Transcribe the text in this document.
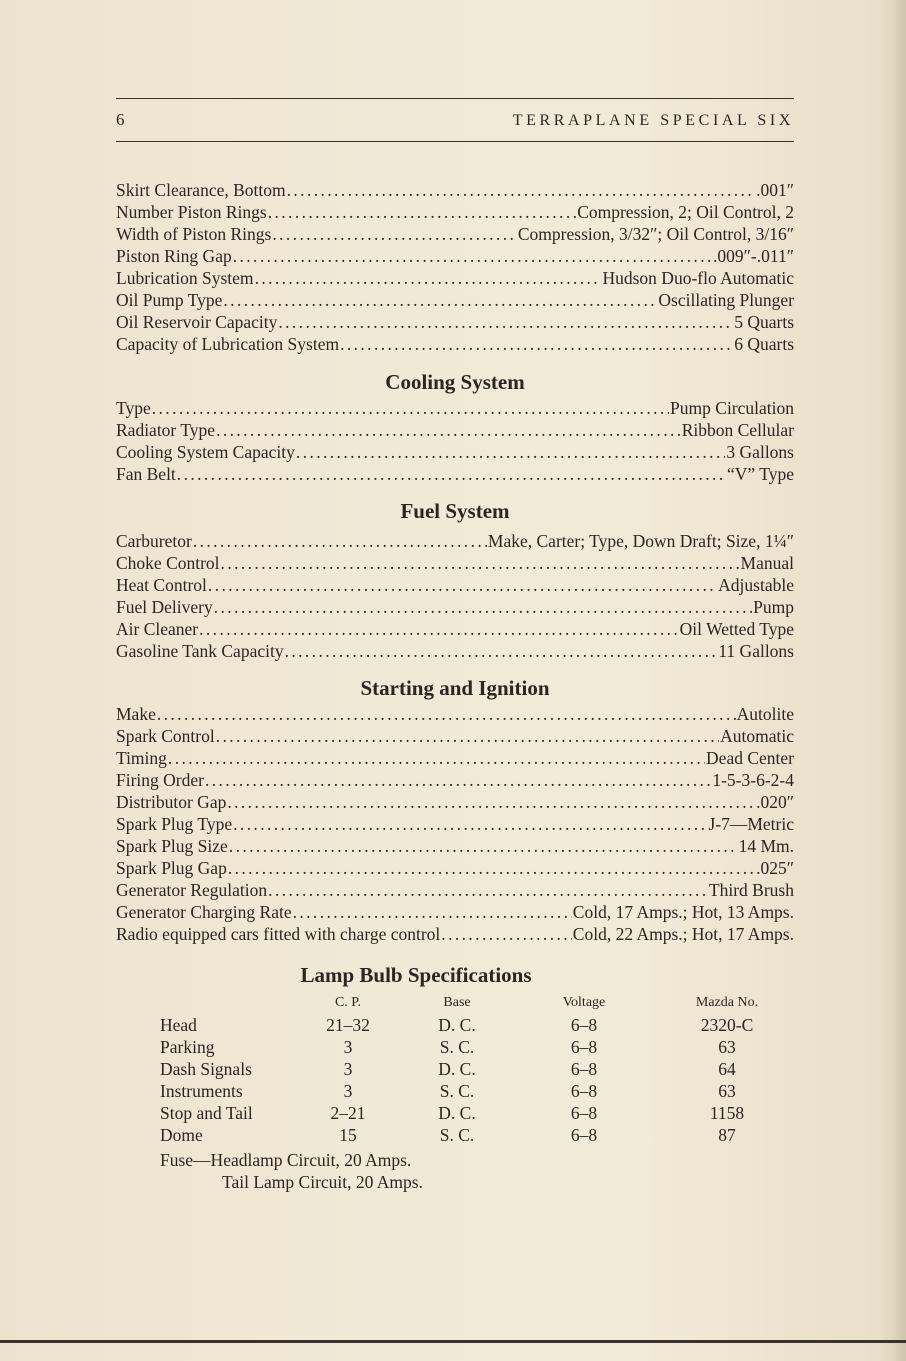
6	TERRAPLANE SPECIAL SIX
Skirt Clearance, Bottom .....	.001″
Number Piston Rings .....	Compression, 2; Oil Control, 2
Width of Piston Rings .....	Compression, 3/32″; Oil Control, 3/16″
Piston Ring Gap .....	.009″-.011″
Lubrication System .....	Hudson Duo-flo Automatic
Oil Pump Type .....	Oscillating Plunger
Oil Reservoir Capacity .....	5 Quarts
Capacity of Lubrication System .....	6 Quarts
Cooling System
Type .....	Pump Circulation
Radiator Type .....	Ribbon Cellular
Cooling System Capacity .....	3 Gallons
Fan Belt .....	“V” Type
Fuel System
Carburetor .....	Make, Carter; Type, Down Draft; Size, 1¼″
Choke Control .....	Manual
Heat Control .....	Adjustable
Fuel Delivery .....	Pump
Air Cleaner .....	Oil Wetted Type
Gasoline Tank Capacity .....	11 Gallons
Starting and Ignition
Make .....	Autolite
Spark Control .....	Automatic
Timing .....	Dead Center
Firing Order .....	1-5-3-6-2-4
Distributor Gap .....	.020″
Spark Plug Type .....	J-7—Metric
Spark Plug Size .....	14 Mm.
Spark Plug Gap .....	.025″
Generator Regulation .....	Third Brush
Generator Charging Rate .....	Cold, 17 Amps.; Hot, 13 Amps.
Radio equipped cars fitted with charge control .....	Cold, 22 Amps.; Hot, 17 Amps.
Lamp Bulb Specifications
	C. P.	Base	Voltage	Mazda No.
Head	21–32	D. C.	6–8	2320-C
Parking	3	S. C.	6–8	63
Dash Signals	3	D. C.	6–8	64
Instruments	3	S. C.	6–8	63
Stop and Tail	2–21	D. C.	6–8	1158
Dome	15	S. C.	6–8	87
Fuse—Headlamp Circuit, 20 Amps.
Tail Lamp Circuit, 20 Amps.
